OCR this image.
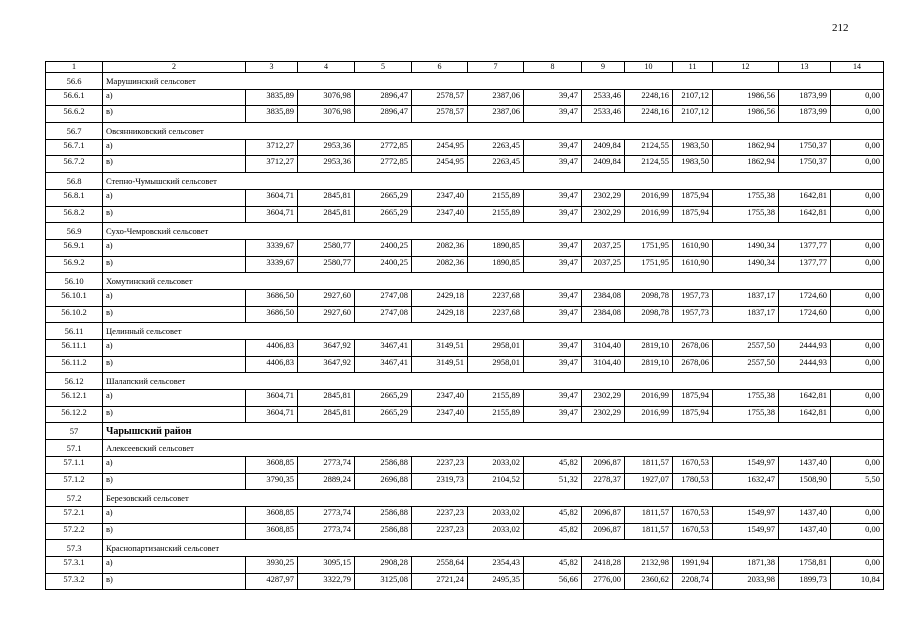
212
1	2	3	4	5	6	7	8	9	10	11	12	13	14
56.6	Марушинский сельсовет												
56.6.1	а)	3835,89	3076,98	2896,47	2578,57	2387,06	39,47	2533,46	2248,16	2107,12	1986,56	1873,99	0,00
56.6.2	в)	3835,89	3076,98	2896,47	2578,57	2387,06	39,47	2533,46	2248,16	2107,12	1986,56	1873,99	0,00
56.7	Овсянниковский сельсовет												
56.7.1	а)	3712,27	2953,36	2772,85	2454,95	2263,45	39,47	2409,84	2124,55	1983,50	1862,94	1750,37	0,00
56.7.2	в)	3712,27	2953,36	2772,85	2454,95	2263,45	39,47	2409,84	2124,55	1983,50	1862,94	1750,37	0,00
56.8	Степно-Чумышский сельсовет												
56.8.1	а)	3604,71	2845,81	2665,29	2347,40	2155,89	39,47	2302,29	2016,99	1875,94	1755,38	1642,81	0,00
56.8.2	в)	3604,71	2845,81	2665,29	2347,40	2155,89	39,47	2302,29	2016,99	1875,94	1755,38	1642,81	0,00
56.9	Сухо-Чемровский сельсовет												
56.9.1	а)	3339,67	2580,77	2400,25	2082,36	1890,85	39,47	2037,25	1751,95	1610,90	1490,34	1377,77	0,00
56.9.2	в)	3339,67	2580,77	2400,25	2082,36	1890,85	39,47	2037,25	1751,95	1610,90	1490,34	1377,77	0,00
56.10	Хомутинский сельсовет												
56.10.1	а)	3686,50	2927,60	2747,08	2429,18	2237,68	39,47	2384,08	2098,78	1957,73	1837,17	1724,60	0,00
56.10.2	в)	3686,50	2927,60	2747,08	2429,18	2237,68	39,47	2384,08	2098,78	1957,73	1837,17	1724,60	0,00
56.11	Целинный сельсовет												
56.11.1	а)	4406,83	3647,92	3467,41	3149,51	2958,01	39,47	3104,40	2819,10	2678,06	2557,50	2444,93	0,00
56.11.2	в)	4406,83	3647,92	3467,41	3149,51	2958,01	39,47	3104,40	2819,10	2678,06	2557,50	2444,93	0,00
56.12	Шалапский сельсовет												
56.12.1	а)	3604,71	2845,81	2665,29	2347,40	2155,89	39,47	2302,29	2016,99	1875,94	1755,38	1642,81	0,00
56.12.2	в)	3604,71	2845,81	2665,29	2347,40	2155,89	39,47	2302,29	2016,99	1875,94	1755,38	1642,81	0,00
57	Чарышский район												
57.1	Алексеевский сельсовет												
57.1.1	а)	3608,85	2773,74	2586,88	2237,23	2033,02	45,82	2096,87	1811,57	1670,53	1549,97	1437,40	0,00
57.1.2	в)	3790,35	2889,24	2696,88	2319,73	2104,52	51,32	2278,37	1927,07	1780,53	1632,47	1508,90	5,50
57.2	Березовский сельсовет												
57.2.1	а)	3608,85	2773,74	2586,88	2237,23	2033,02	45,82	2096,87	1811,57	1670,53	1549,97	1437,40	0,00
57.2.2	в)	3608,85	2773,74	2586,88	2237,23	2033,02	45,82	2096,87	1811,57	1670,53	1549,97	1437,40	0,00
57.3	Краснопартизанский сельсовет												
57.3.1	а)	3930,25	3095,15	2908,28	2558,64	2354,43	45,82	2418,28	2132,98	1991,94	1871,38	1758,81	0,00
57.3.2	в)	4287,97	3322,79	3125,08	2721,24	2495,35	56,66	2776,00	2360,62	2208,74	2033,98	1899,73	10,84
